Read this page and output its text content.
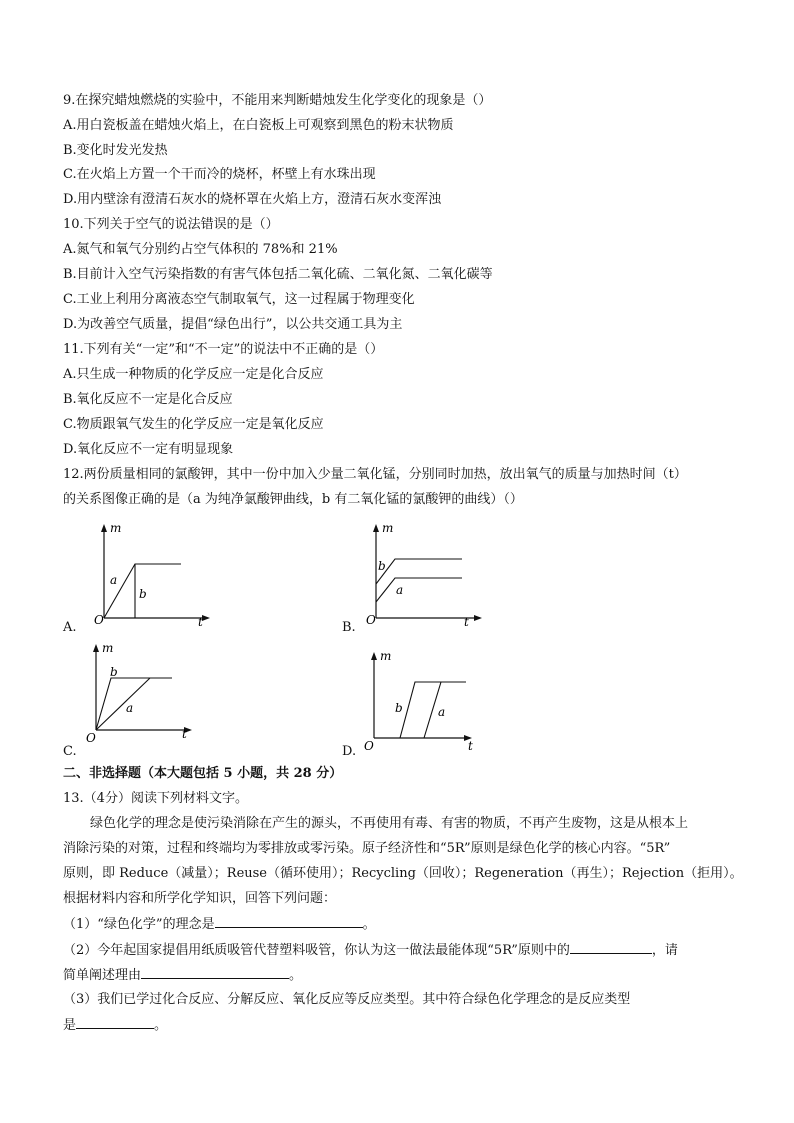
9.在探究蜡烛燃烧的实验中，不能用来判断蜡烛发生化学变化的现象是（）
A.用白瓷板盖在蜡烛火焰上，在白瓷板上可观察到黑色的粉末状物质
B.变化时发光发热
C.在火焰上方置一个干而冷的烧杯，杯壁上有水珠出现
D.用内壁涂有澄清石灰水的烧杯罩在火焰上方，澄清石灰水变浑浊
10.下列关于空气的说法错误的是（）
A.氮气和氧气分别约占空气体积的 78%和 21%
B.目前计入空气污染指数的有害气体包括二氧化硫、二氧化氮、二氧化碳等
C.工业上利用分离液态空气制取氧气，这一过程属于物理变化
D.为改善空气质量，提倡“绿色出行”，以公共交通工具为主
11.下列有关“一定”和“不一定”的说法中不正确的是（）
A.只生成一种物质的化学反应一定是化合反应
B.氧化反应不一定是化合反应
C.物质跟氧气发生的化学反应一定是氧化反应
D.氧化反应不一定有明显现象
12.两份质量相同的氯酸钾，其中一份中加入少量二氧化锰，分别同时加热，放出氧气的质量与加热时间（t）
的关系图像正确的是（a 为纯净氯酸钾曲线，b 有二氧化锰的氯酸钾的曲线）（）
A.
m
t
O
a
b
B.
m
t
O
b
a
C.
m
t
O
b
a
D.
m
t
O
b	a
二、非选择题（本大题包括 5 小题，共 28 分）
13.（4分）阅读下列材料文字。
绿色化学的理念是使污染消除在产生的源头，不再使用有毒、有害的物质，不再产生废物，这是从根本上
消除污染的对策，过程和终端均为零排放或零污染。原子经济性和“5R”原则是绿色化学的核心内容。“5R”
原则，即 Reduce（减量）；Reuse（循环使用）；Recycling（回收）；Regeneration（再生）；Rejection（拒用）。
根据材料内容和所学化学知识，回答下列问题：
（1）“绿色化学”的理念是	。
（2）今年起国家提倡用纸质吸管代替塑料吸管，你认为这一做法最能体现“5R”原则中的	，请
简单阐述理由	。
（3）我们已学过化合反应、分解反应、氧化反应等反应类型。其中符合绿色化学理念的是反应类型
是	。
